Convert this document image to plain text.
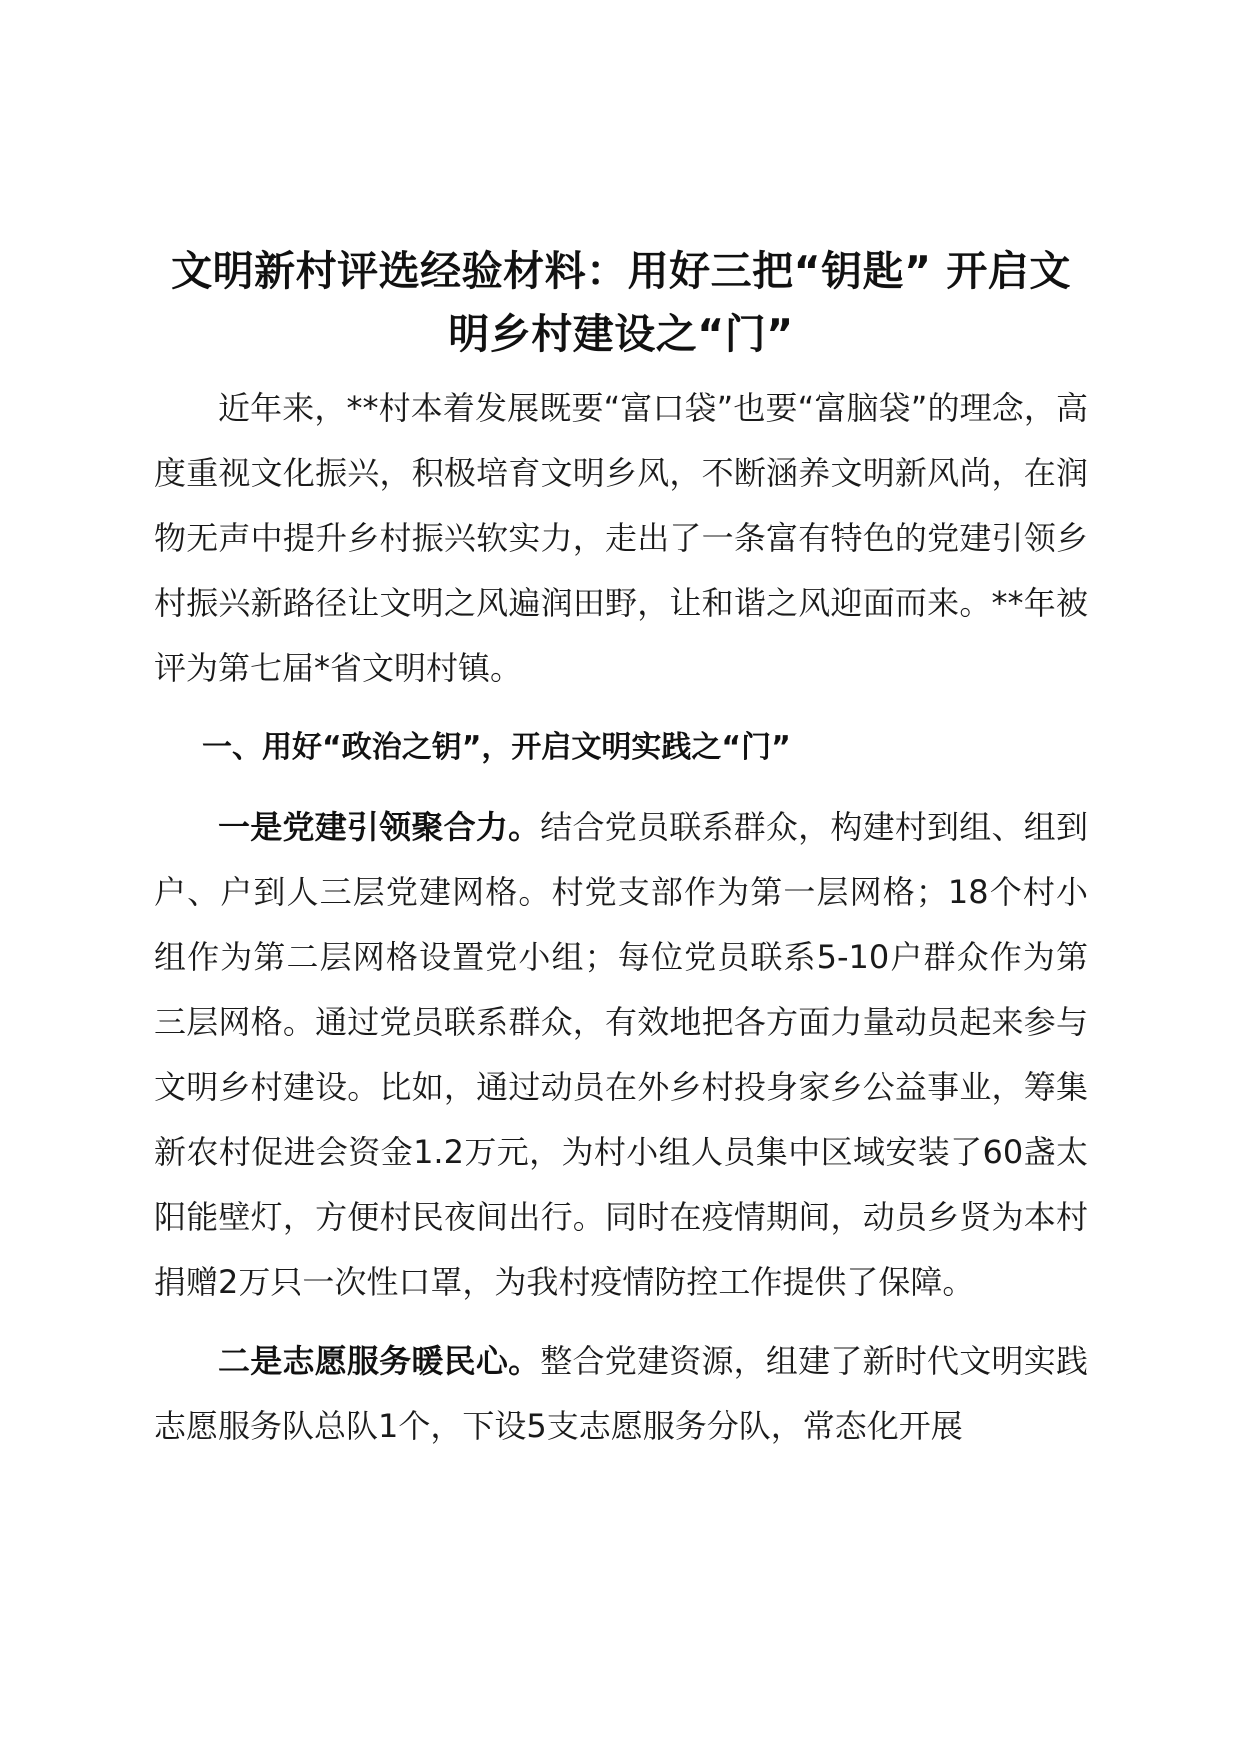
文明新村评选经验材料：用好三把“钥匙” 开启文明乡村建设之“门”

近年来，**村本着发展既要“富口袋”也要“富脑袋”的理念，高度重视文化振兴，积极培育文明乡风，不断涵养文明新风尚，在润物无声中提升乡村振兴软实力，走出了一条富有特色的党建引领乡村振兴新路径让文明之风遍润田野，让和谐之风迎面而来。**年被评为第七届*省文明村镇。

一、用好“政治之钥”，开启文明实践之“门”

一是党建引领聚合力。结合党员联系群众，构建村到组、组到户、户到人三层党建网格。村党支部作为第一层网格；18个村小组作为第二层网格设置党小组；每位党员联系5-10户群众作为第三层网格。通过党员联系群众，有效地把各方面力量动员起来参与文明乡村建设。比如，通过动员在外乡村投身家乡公益事业，筹集新农村促进会资金1.2万元，为村小组人员集中区域安装了60盏太阳能壁灯，方便村民夜间出行。同时在疫情期间，动员乡贤为本村捐赠2万只一次性口罩，为我村疫情防控工作提供了保障。

二是志愿服务暖民心。整合党建资源，组建了新时代文明实践志愿服务队总队1个，下设5支志愿服务分队，常态化开展
